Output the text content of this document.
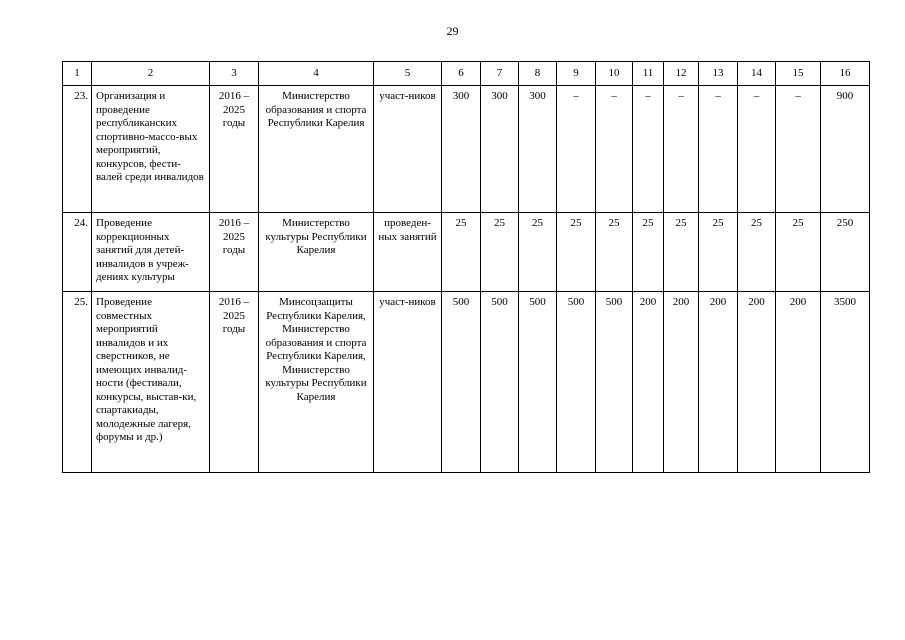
29
1	2	3	4	5	6	7	8	9	10	11	12	13	14	15	16
23.	Организация и проведение республиканских спортивно-массо-вых мероприятий, конкурсов, фести-валей среди инвалидов	2016 – 2025 годы	Министерство образования и спорта Республики Карелия	участ-ников	300	300	300	–	–	–	–	–	–	–	900
24.	Проведение коррекционных занятий для детей-инвалидов в учреж-дениях культуры	2016 – 2025 годы	Министерство культуры Республики Карелия	проведен-ных занятий	25	25	25	25	25	25	25	25	25	25	250
25.	Проведение совместных мероприятий инвалидов и их сверстников, не имеющих инвалид-ности (фестивали, конкурсы, выстав-ки, спартакиады, молодежные лагеря, форумы и др.)	2016 – 2025 годы	Минсоцзащиты Республики Карелия, Министерство образования и спорта Республики Карелия, Министерство культуры Республики Карелия	участ-ников	500	500	500	500	500	200	200	200	200	200	3500
